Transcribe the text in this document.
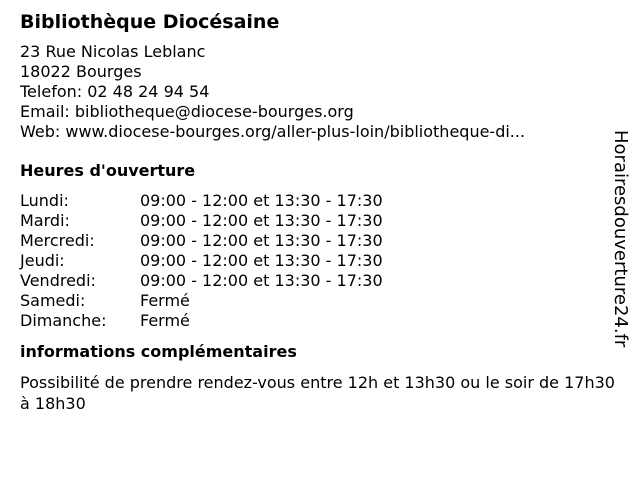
Bibliothèque Diocésaine
23 Rue Nicolas Leblanc
18022 Bourges
Telefon: 02 48 24 94 54
Email: bibliotheque@diocese-bourges.org
Web: www.diocese-bourges.org/aller-plus-loin/bibliotheque-di...
Heures d'ouverture
Lundi:	09:00 - 12:00 et 13:30 - 17:30
Mardi:	09:00 - 12:00 et 13:30 - 17:30
Mercredi:	09:00 - 12:00 et 13:30 - 17:30
Jeudi:	09:00 - 12:00 et 13:30 - 17:30
Vendredi:	09:00 - 12:00 et 13:30 - 17:30
Samedi:	Fermé
Dimanche:	Fermé
informations complémentaires
Possibilité de prendre rendez-vous entre 12h et 13h30 ou le soir de 17h30 à 18h30
Horairesdouverture24.fr
